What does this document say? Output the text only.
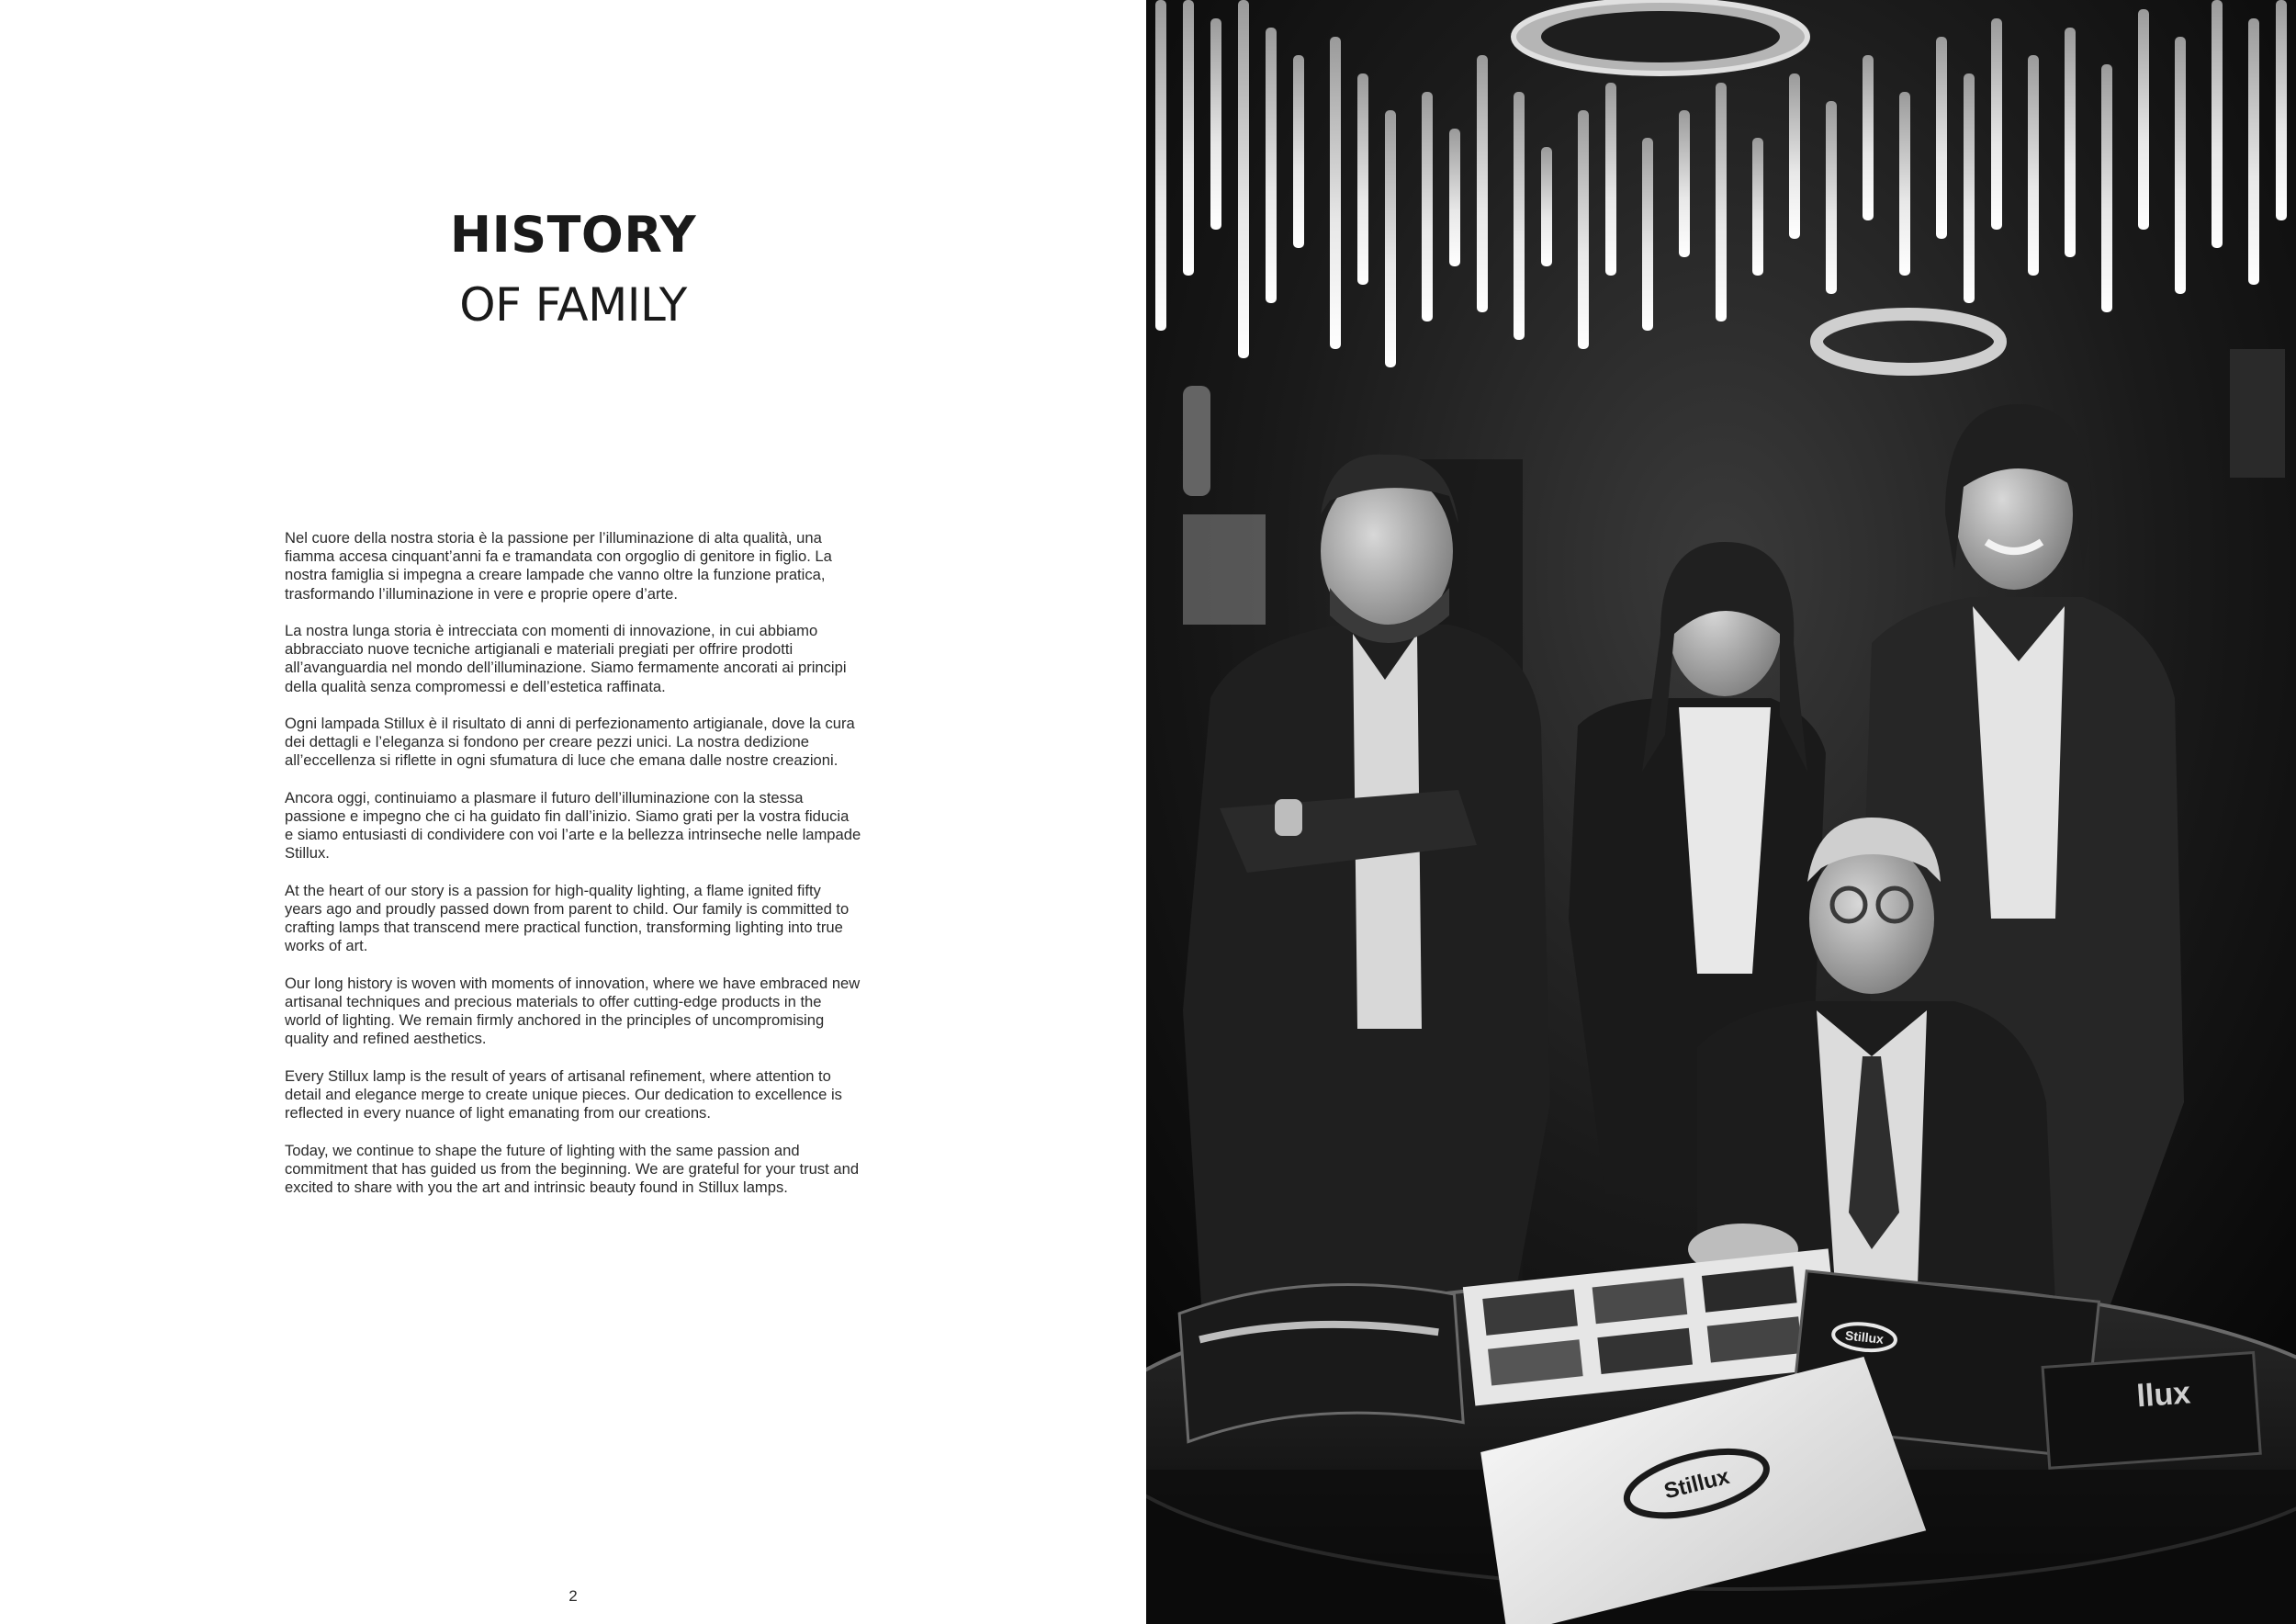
HISTORY
OF FAMILY

Nel cuore della nostra storia è la passione per l’illuminazione di alta qualità, una fiamma accesa cinquant’anni fa e tramandata con orgoglio di genitore in figlio. La nostra famiglia si impegna a creare lampade che vanno oltre la funzione pratica, trasformando l’illuminazione in vere e proprie opere d’arte.

La nostra lunga storia è intrecciata con momenti di innovazione, in cui abbiamo abbracciato nuove tecniche artigianali e materiali pregiati per offrire prodotti all’avanguardia nel mondo dell’illuminazione. Siamo fermamente ancorati ai principi della qualità senza compromessi e dell’estetica raffinata.

Ogni lampada Stillux è il risultato di anni di perfezionamento artigianale, dove la cura dei dettagli e l’eleganza si fondono per creare pezzi unici. La nostra dedizione all’eccellenza si riflette in ogni sfumatura di luce che emana dalle nostre creazioni.

Ancora oggi, continuiamo a plasmare il futuro dell’illuminazione con la stessa passione e impegno che ci ha guidato fin dall’inizio. Siamo grati per la vostra fiducia e siamo entusiasti di condividere con voi l’arte e la bellezza intrinseche nelle lampade Stillux.

At the heart of our story is a passion for high-quality lighting, a flame ignited fifty years ago and proudly passed down from parent to child. Our family is committed to crafting lamps that transcend mere practical function, transforming lighting into true works of art.

Our long history is woven with moments of innovation, where we have embraced new artisanal techniques and precious materials to offer cutting-edge products in the world of lighting. We remain firmly anchored in the principles of uncompromising quality and refined aesthetics.

Every Stillux lamp is the result of years of artisanal refinement, where attention to detail and elegance merge to create unique pieces. Our dedication to excellence is reflected in every nuance of light emanating from our creations.

Today, we continue to shape the future of lighting with the same passion and commitment that has guided us from the beginning. We are grateful for your trust and excited to share with you the art and intrinsic beauty found in Stillux lamps.

2
Stillux
llux
Stillux
